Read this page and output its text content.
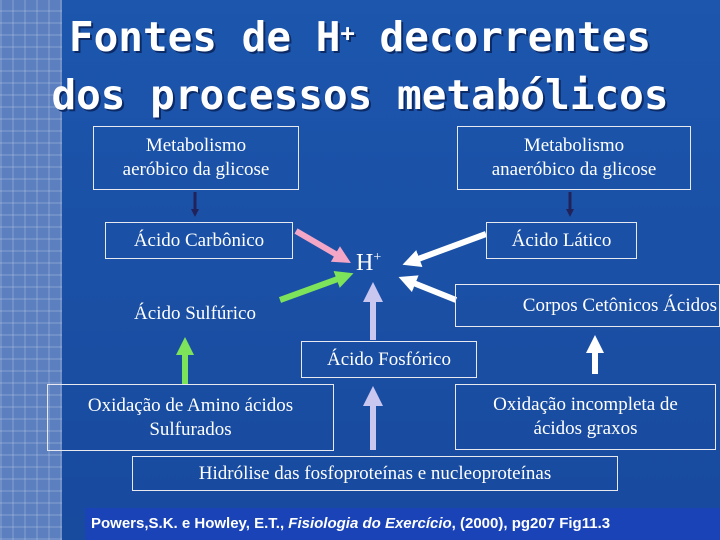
Fontes de H+ decorrentes
dos processos metabólicos
Metabolismo
aeróbico da glicose
Metabolismo
anaeróbico da glicose
Ácido Carbônico	Ácido Lático
H+
Ácido Sulfúrico	Corpos Cetônicos Ácidos
Ácido Fosfórico
Oxidação de Amino ácidos
Sulfurados
Oxidação incompleta de
ácidos graxos
Hidrólise das fosfoproteínas e nucleoproteínas
Powers,S.K. e Howley, E.T., Fisiologia do Exercício, (2000), pg207 Fig11.3
